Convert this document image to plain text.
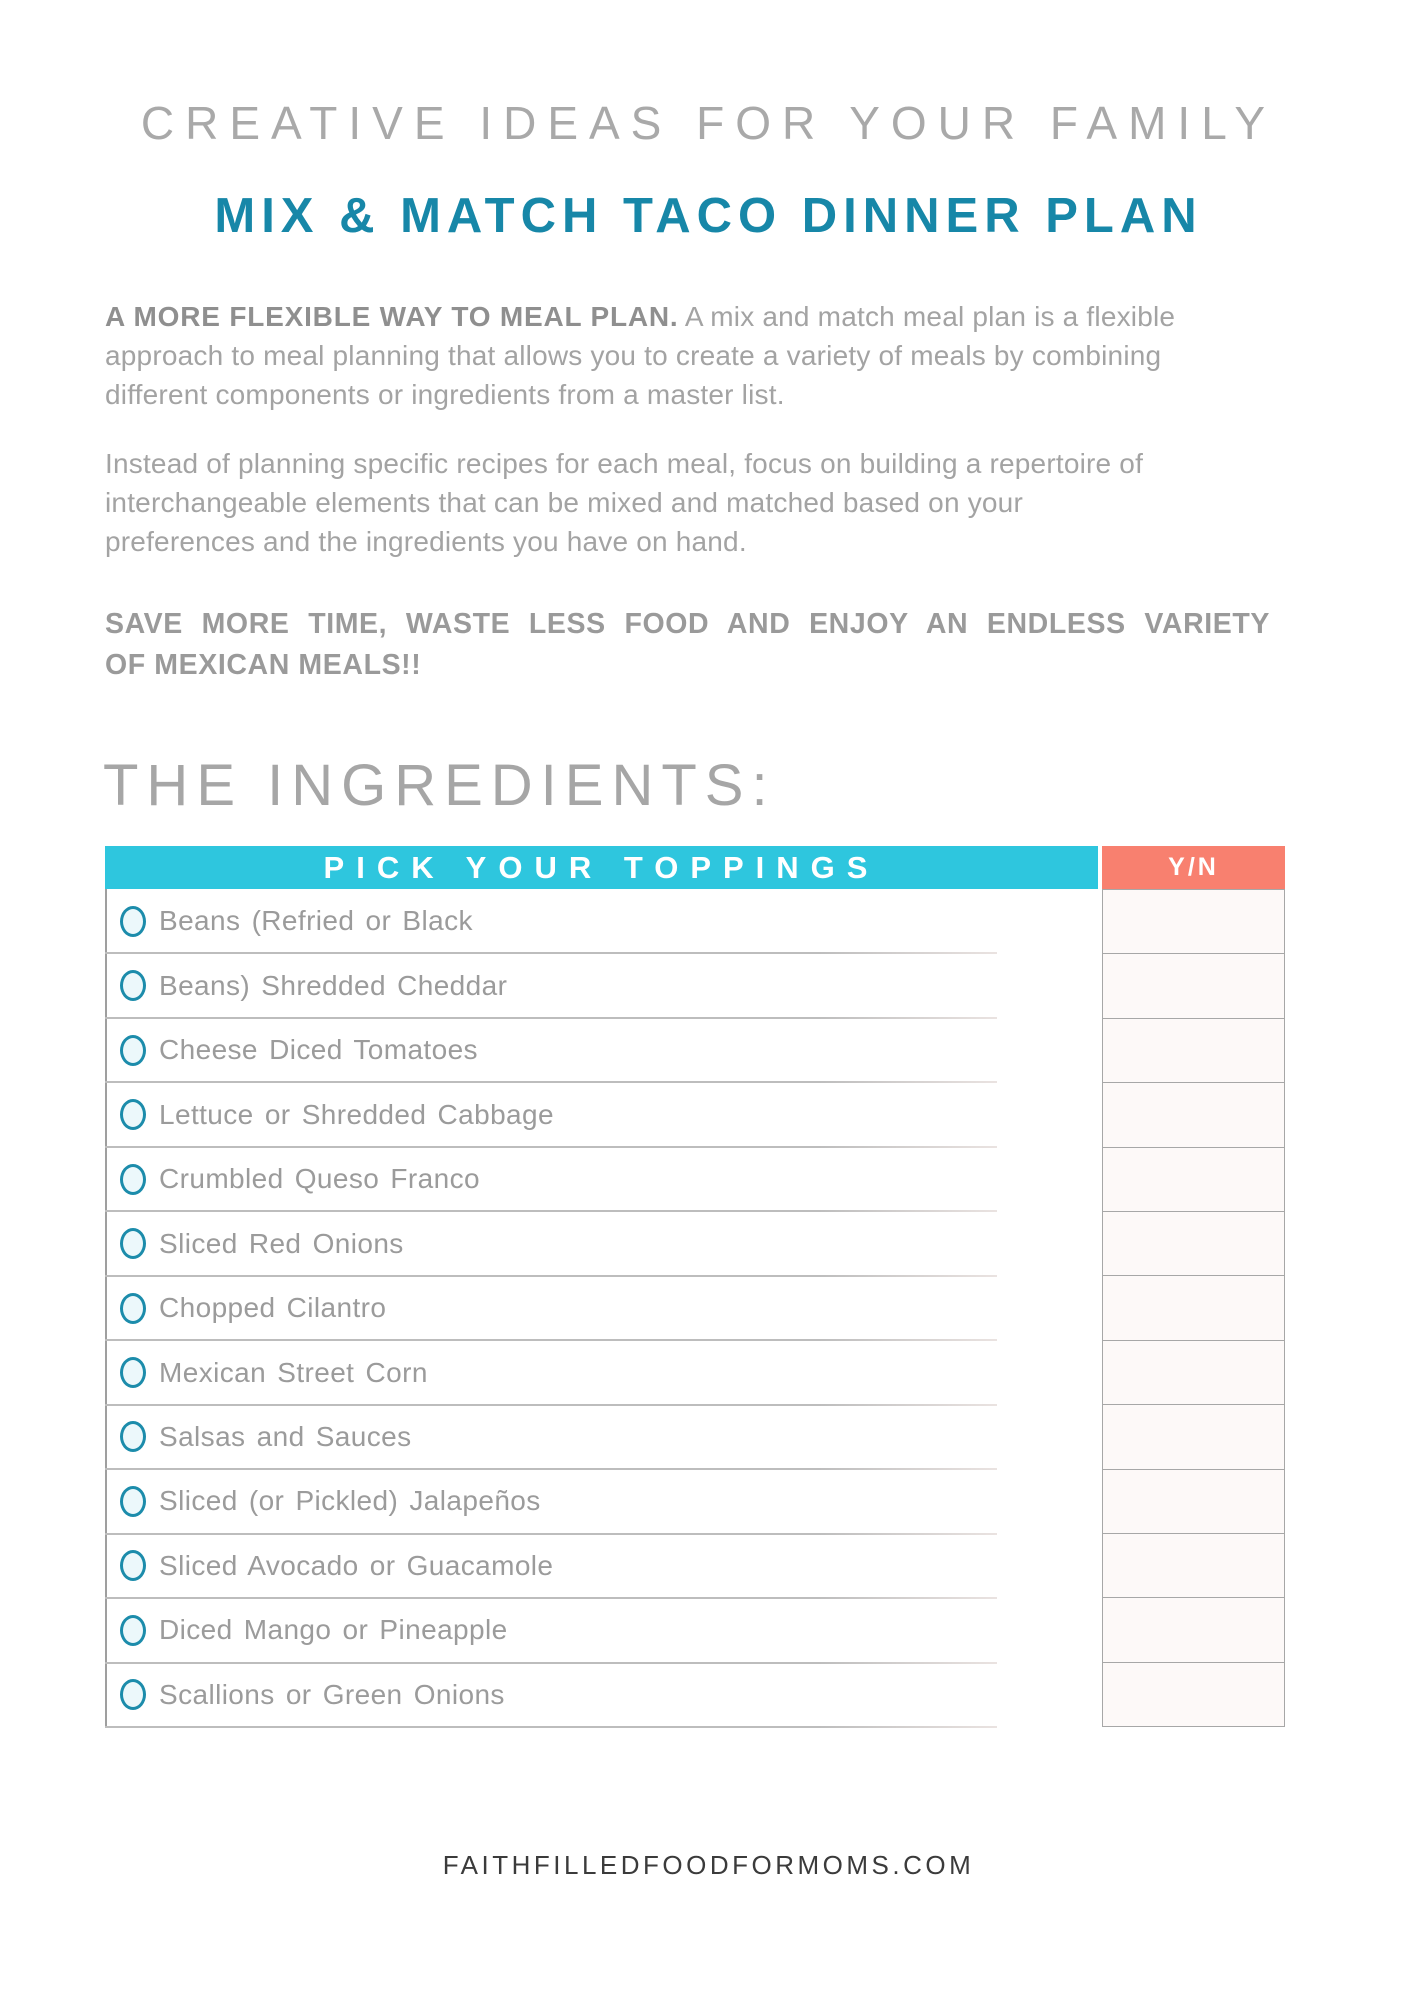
CREATIVE IDEAS FOR YOUR FAMILY
MIX & MATCH TACO DINNER PLAN
A MORE FLEXIBLE WAY TO MEAL PLAN. A mix and match meal plan is a flexible
approach to meal planning that allows you to create a variety of meals by combining
different components or ingredients from a master list.
Instead of planning specific recipes for each meal, focus on building a repertoire of
interchangeable elements that can be mixed and matched based on your
preferences and the ingredients you have on hand.
SAVE MORE TIME, WASTE LESS FOOD AND ENJOY AN ENDLESS VARIETY
OF MEXICAN MEALS!!
THE INGREDIENTS:
PICK YOUR TOPPINGS	Y/N
Beans (Refried or Black
Beans) Shredded Cheddar
Cheese Diced Tomatoes
Lettuce or Shredded Cabbage
Crumbled Queso Franco
Sliced Red Onions
Chopped Cilantro
Mexican Street Corn
Salsas and Sauces
Sliced (or Pickled) Jalapeños
Sliced Avocado or Guacamole
Diced Mango or Pineapple
Scallions or Green Onions
FAITHFILLEDFOODFORMOMS.COM
